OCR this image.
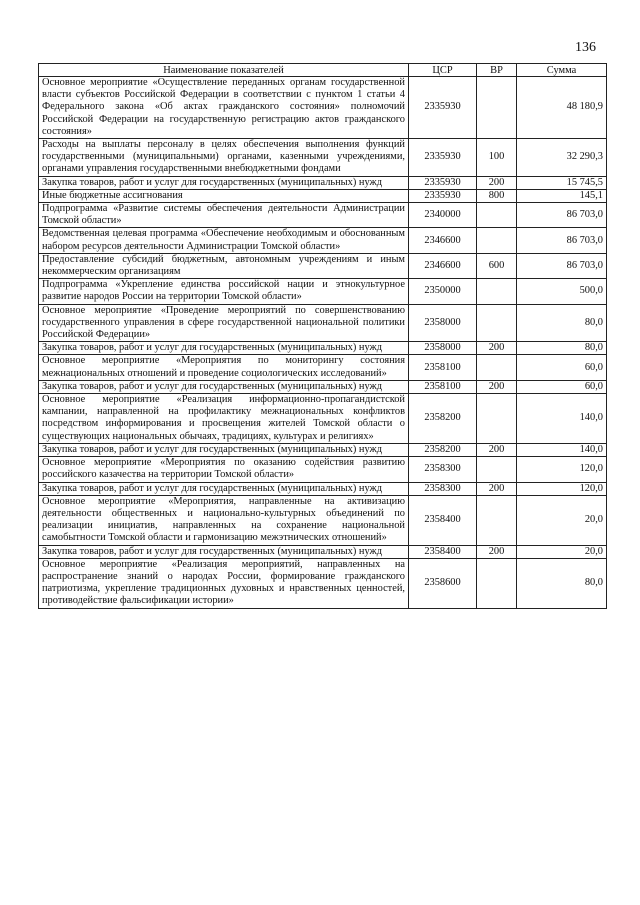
136
Наименование показателей	ЦСР	ВР	Сумма
Основное мероприятие «Осуществление переданных органам государственной власти субъектов Российской Федерации в соответствии с пунктом 1 статьи 4 Федерального закона «Об актах гражданского состояния» полномочий Российской Федерации на государственную регистрацию актов гражданского состояния»	2335930		48 180,9
Расходы на выплаты персоналу в целях обеспечения выполнения функций государственными (муниципальными) органами, казенными учреждениями, органами управления государственными внебюджетными фондами	2335930	100	32 290,3
Закупка товаров, работ и услуг для государственных (муниципальных) нужд	2335930	200	15 745,5
Иные бюджетные ассигнования	2335930	800	145,1
Подпрограмма «Развитие системы обеспечения деятельности Администрации Томской области»	2340000		86 703,0
Ведомственная целевая программа «Обеспечение необходимым и обоснованным набором ресурсов деятельности Администрации Томской области»	2346600		86 703,0
Предоставление субсидий бюджетным, автономным учреждениям и иным некоммерческим организациям	2346600	600	86 703,0
Подпрограмма «Укрепление единства российской нации и этнокультурное развитие народов России на территории Томской области»	2350000		500,0
Основное мероприятие «Проведение мероприятий по совершенствованию государственного управления в сфере государственной национальной политики Российской Федерации»	2358000		80,0
Закупка товаров, работ и услуг для государственных (муниципальных) нужд	2358000	200	80,0
Основное мероприятие «Мероприятия по мониторингу состояния межнациональных отношений и проведение социологических исследований»	2358100		60,0
Закупка товаров, работ и услуг для государственных (муниципальных) нужд	2358100	200	60,0
Основное мероприятие «Реализация информационно-пропагандистской кампании, направленной на профилактику межнациональных конфликтов посредством информирования и просвещения жителей Томской области о существующих национальных обычаях, традициях, культурах и религиях»	2358200		140,0
Закупка товаров, работ и услуг для государственных (муниципальных) нужд	2358200	200	140,0
Основное мероприятие «Мероприятия по оказанию содействия развитию российского казачества на территории Томской области»	2358300		120,0
Закупка товаров, работ и услуг для государственных (муниципальных) нужд	2358300	200	120,0
Основное мероприятие «Мероприятия, направленные на активизацию деятельности общественных и национально-культурных объединений по реализации инициатив, направленных на сохранение национальной самобытности Томской области и гармонизацию межэтнических отношений»	2358400		20,0
Закупка товаров, работ и услуг для государственных (муниципальных) нужд	2358400	200	20,0
Основное мероприятие «Реализация мероприятий, направленных на распространение знаний о народах России, формирование гражданского патриотизма, укрепление традиционных духовных и нравственных ценностей, противодействие фальсификации истории»	2358600		80,0
